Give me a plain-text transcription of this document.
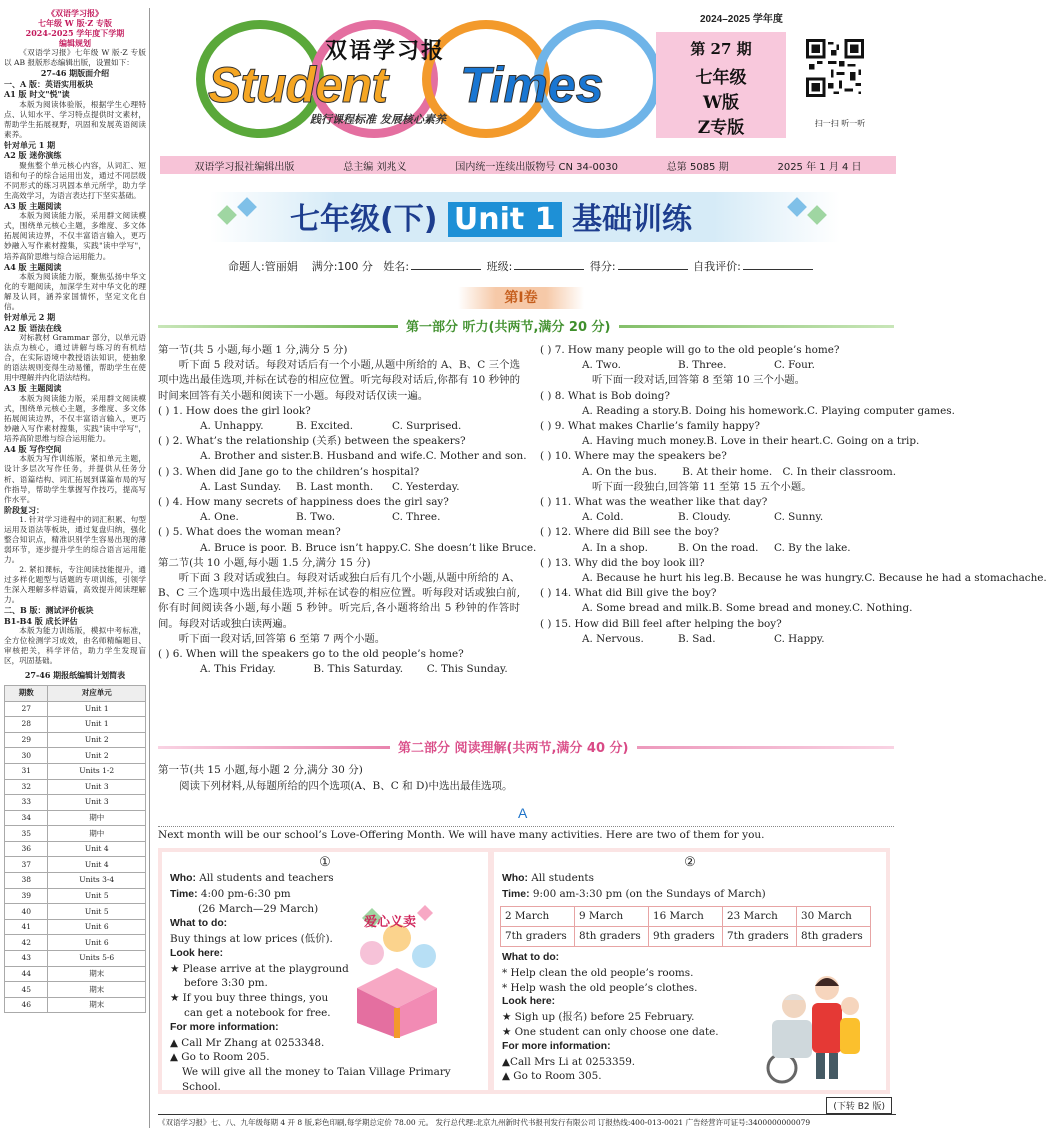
《双语学习报》
七年级 W 版·Z 专版
2024-2025 学年度下学期
编辑规划

《双语学习报》七年级 W 版·Z 专版以 AB 报版形态编辑出版，设置如下：

27-46 期版面介绍
一、A 版：英语实用板块
A1 版 时文"悦"读

本版为阅读体验版，根据学生心理特点、认知水平、学习特点提供时文素材，帮助学生拓展视野，巩固和发展英语阅读素养。

针对单元 1 期
A2 版 迷你演练

聚焦整个单元核心内容，从词汇、短语和句子的综合运用出发，通过不同层级不同形式的练习巩固本单元所学，助力学生高效学习，为语言表达打下坚实基础。

A3 版 主题阅读

本版为阅读能力版，采用群文阅读模式，围绕单元核心主题，多维度、多文体拓展阅读边界，不仅丰富语言输入，更巧妙融入写作素材搜集，实践"读中学写"，培养高阶思维与综合运用能力。

A4 版 主题阅读

本版为阅读能力版，聚焦弘扬中华文化的专题阅读，加深学生对中华文化的理解及认同，涵养家国情怀，坚定文化自信。

针对单元 2 期
A2 版 语法在线

对标教材 Grammar 部分，以单元语法点为核心，通过讲解与练习的有机结合，在实际语境中教授语法知识，使抽象的语法规则变得生动易懂，帮助学生在使用中理解并内化语法结构。

A3 版 主题阅读

本版为阅读能力版，采用群文阅读模式，围绕单元核心主题，多维度、多文体拓展阅读边界，不仅丰富语言输入，更巧妙融入写作素材搜集，实践"读中学写"，培养高阶思维与综合运用能力。

A4 版 写作空间

本版为写作训练版，紧扣单元主题，设计多层次写作任务，并提供从任务分析、语篇结构、词汇拓展到谋篇布局的写作指导，帮助学生掌握写作技巧，提高写作水平。

阶段复习：

1. 针对学习进程中的词汇积累、句型运用及语法等板块，通过复盘归纳，强化整合知识点，精准识别学生容易出现的薄弱环节，逐步提升学生的综合语言运用能力。

2. 紧扣课标，专注阅读技能提升，通过多样化题型与话题的专项训练，引领学生深入理解多样语篇，高效提升阅读理解力。

二、B 版：测试评价板块
B1-B4 版 成长评估

本版为能力训练版，模拟中考标准，全方位检测学习成效，由名师精编题目、审核把关，科学评估，助力学生发现盲区，巩固基础。

27-46 期报纸编辑计划简表
期数	对应单元
27	Unit 1
28	Unit 1
29	Unit 2
30	Unit 2
31	Units 1-2
32	Unit 3
33	Unit 3
34	期中
35	期中
36	Unit 4
37	Unit 4
38	Units 3-4
39	Unit 5
40	Unit 5
41	Unit 6
42	Unit 6
43	Units 5-6
44	期末
45	期末
46	期末
双语学习报
Student Times
践行课程标准 发展核心素养
2024–2025 学年度
第 27 期
七年级
W版
Z专版	扫一扫 听一听
双语学习报社编辑出版	总主编 刘兆义	国内统一连续出版物号 CN 34-0030	总第 5085 期	2025 年 1 月 4 日
七年级(下) Unit 1 基础训练
命题人:管丽娟 满分:100 分 姓名:	班级:	得分:	自我评价:
第Ⅰ卷
第一部分 听力(共两节,满分 20 分)
第一节(共 5 小题,每小题 1 分,满分 5 分)
听下面 5 段对话。每段对话后有一个小题,从题中所给的 A、B、C 三个选项中选出最佳选项,并标在试卷的相应位置。听完每段对话后,你都有 10 秒钟的时间来回答有关小题和阅读下一小题。每段对话仅读一遍。
( ) 1. How does the girl look?
A. Unhappy.	B. Excited.	C. Surprised.
( ) 2. What’s the relationship (关系) between the speakers?
A. Brother and sister. B. Husband and wife. C. Mother and son.
( ) 3. When did Jane go to the children’s hospital?
A. Last Sunday.	B. Last month.	C. Yesterday.
( ) 4. How many secrets of happiness does the girl say?
A. One.	B. Two.	C. Three.
( ) 5. What does the woman mean?
A. Bruce is poor. B. Bruce isn’t happy. C. She doesn’t like Bruce.
第二节(共 10 小题,每小题 1.5 分,满分 15 分)
听下面 3 段对话或独白。每段对话或独白后有几个小题,从题中所给的 A、B、C 三个选项中选出最佳选项,并标在试卷的相应位置。听每段对话或独白前,你有时间阅读各小题,每小题 5 秒钟。听完后,各小题将给出 5 秒钟的作答时间。每段对话或独白读两遍。
听下面一段对话,回答第 6 至第 7 两个小题。
( ) 6. When will the speakers go to the old people’s home?
A. This Friday.	B. This Saturday.	C. This Sunday.
( ) 7. How many people will go to the old people’s home?
A. Two.	B. Three.	C. Four.
听下面一段对话,回答第 8 至第 10 三个小题。
( ) 8. What is Bob doing?
A. Reading a story. B. Doing his homework. C. Playing computer games.
( ) 9. What makes Charlie’s family happy?
A. Having much money. B. Love in their heart. C. Going on a trip.
( ) 10. Where may the speakers be?
A. On the bus.	B. At their home. C. In their classroom.
听下面一段独白,回答第 11 至第 15 五个小题。
( ) 11. What was the weather like that day?
A. Cold.	B. Cloudy.	C. Sunny.
( ) 12. Where did Bill see the boy?
A. In a shop.	B. On the road.	C. By the lake.
( ) 13. Why did the boy look ill?
A. Because he hurt his leg. B. Because he was hungry. C. Because he had a stomachache.
( ) 14. What did Bill give the boy?
A. Some bread and milk. B. Some bread and money. C. Nothing.
( ) 15. How did Bill feel after helping the boy?
A. Nervous.	B. Sad.	C. Happy.
第二部分 阅读理解(共两节,满分 40 分)
第一节(共 15 小题,每小题 2 分,满分 30 分)
阅读下列材料,从每题所给的四个选项(A、B、C 和 D)中选出最佳选项。
A
Next month will be our school’s Love-Offering Month. We will have many activities. Here are two of them for you.
①
Who: All students and teachers
Time: 4:00 pm-6:30 pm
(26 March—29 March)
What to do:
Buy things at low prices (低价).
Look here:
★ Please arrive at the playground
before 3:30 pm.
★ If you buy three things, you
can get a notebook for free.
For more information:
▲ Call Mr Zhang at 0253348.
▲ Go to Room 205.
We will give all the money to Taian Village Primary School.
爱心义卖
②
Who: All students
Time: 9:00 am-3:30 pm (on the Sundays of March)
2 March	9 March	16 March	23 March	30 March
7th graders	8th graders	9th graders	7th graders	8th graders
What to do:
* Help clean the old people’s rooms.
* Help wash the old people’s clothes.
Look here:
★ Sigh up (报名) before 25 February.
★ One student can only choose one date.
For more information:
▲Call Mrs Li at 0253359.
▲ Go to Room 305.
(下转 B2 版)
《双语学习报》七、八、九年级每期 4 开 8 版,彩色印刷,每学期总定价 78.00 元。 发行总代理:北京九州新时代书报刊发行有限公司 订报热线:400-013-0021 广告经营许可证号:3400000000079
